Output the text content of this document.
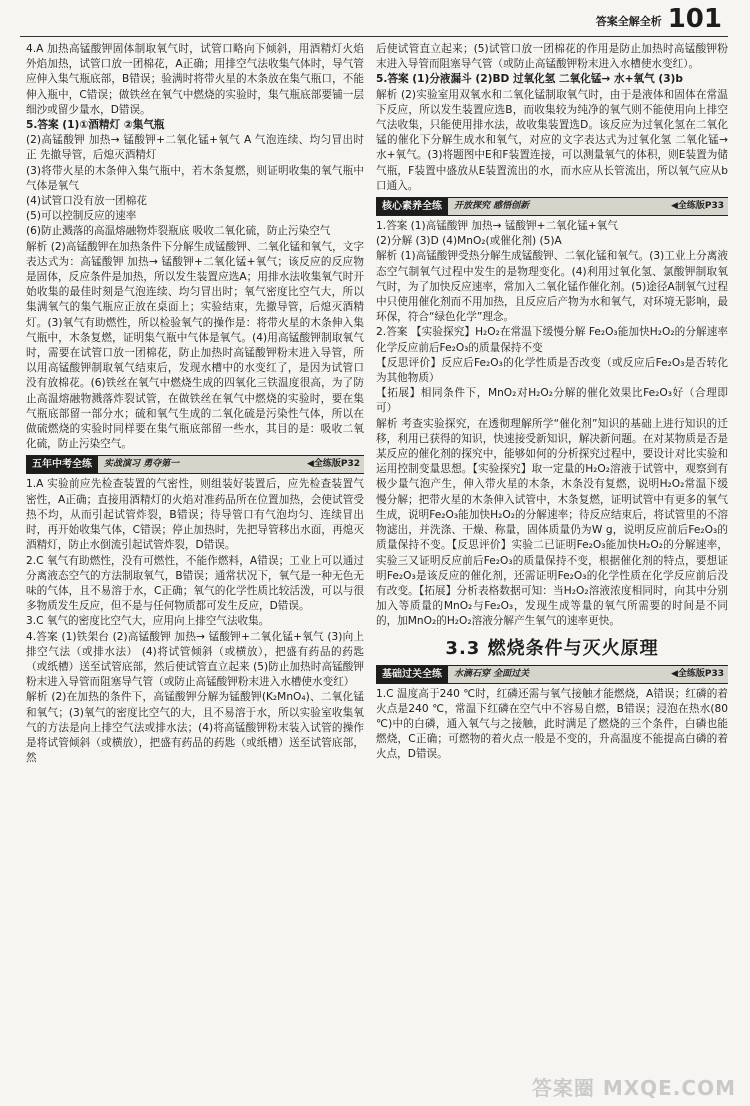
答案全解全析 101

4.A 加热高锰酸钾固体制取氧气时，试管口略向下倾斜，用酒精灯火焰外焰加热，试管口放一团棉花，A正确；用排空气法收集气体时，导气管应伸入集气瓶底部，B错误；验满时将带火星的木条放在集气瓶口，不能伸入瓶中，C错误；做铁丝在氧气中燃烧的实验时，集气瓶底部要铺一层细沙或留少量水，D错误。

5.答案 (1)①酒精灯 ②集气瓶

(2)高锰酸钾 加热→ 锰酸钾+二氧化锰+氧气 A 气泡连续、均匀冒出时 正 先撤导管，后熄灭酒精灯

(3)将带火星的木条伸入集气瓶中，若木条复燃，则证明收集的氧气瓶中气体是氧气

(4)试管口没有放一团棉花

(5)可以控制反应的速率

(6)防止溅落的高温熔融物炸裂瓶底 吸收二氧化硫，防止污染空气

解析 (2)高锰酸钾在加热条件下分解生成锰酸钾、二氧化锰和氧气，文字表达式为：高锰酸钾 加热→ 锰酸钾+二氧化锰+氧气；该反应的反应物是固体，反应条件是加热，所以发生装置应选A；用排水法收集氧气时开始收集的最佳时刻是气泡连续、均匀冒出时；氧气密度比空气大，所以集满氧气的集气瓶应正放在桌面上；实验结束，先撤导管，后熄灭酒精灯。(3)氧气有助燃性，所以检验氧气的操作是：将带火星的木条伸入集气瓶中，木条复燃，证明集气瓶中气体是氧气。(4)用高锰酸钾制取氧气时，需要在试管口放一团棉花，防止加热时高锰酸钾粉末进入导管，所以用高锰酸钾制取氧气结束后，发现水槽中的水变红了，是因为试管口没有放棉花。(6)铁丝在氧气中燃烧生成的四氧化三铁温度很高，为了防止高温熔融物溅落炸裂试管，在做铁丝在氧气中燃烧的实验时，要在集气瓶底部留一部分水；硫和氧气生成的二氧化硫是污染性气体，所以在做硫燃烧的实验时同样要在集气瓶底部留一些水，其目的是：吸收二氧化硫，防止污染空气。

五年中考全练	实战演习 勇夺第一	◀全练版P32

1.A 实验前应先检查装置的气密性，则组装好装置后，应先检查装置气密性，A正确；直接用酒精灯的火焰对准药品所在位置加热，会使试管受热不均，从而引起试管炸裂，B错误；待导管口有气泡均匀、连续冒出时，再开始收集气体，C错误；停止加热时，先把导管移出水面，再熄灭酒精灯，防止水倒流引起试管炸裂，D错误。

2.C 氧气有助燃性，没有可燃性，不能作燃料，A错误；工业上可以通过分离液态空气的方法制取氧气，B错误；通常状况下，氧气是一种无色无味的气体，且不易溶于水，C正确；氧气的化学性质比较活泼，可以与很多物质发生反应，但不是与任何物质都可发生反应，D错误。

3.C 氧气的密度比空气大，应用向上排空气法收集。

4.答案 (1)铁架台 (2)高锰酸钾 加热→ 锰酸钾+二氧化锰+氧气 (3)向上排空气法（或排水法） (4)将试管倾斜（或横放），把盛有药品的药匙（或纸槽）送至试管底部，然后使试管直立起来 (5)防止加热时高锰酸钾粉末进入导管而阻塞导气管（或防止高锰酸钾粉末进入水槽使水变红）

解析 (2)在加热的条件下，高锰酸钾分解为锰酸钾(K₂MnO₄)、二氧化锰和氧气；(3)氧气的密度比空气的大，且不易溶于水，所以实验室收集氧气的方法是向上排空气法或排水法；(4)将高锰酸钾粉末装入试管的操作是将试管倾斜（或横放），把盛有药品的药匙（或纸槽）送至试管底部，然

后使试管直立起来；(5)试管口放一团棉花的作用是防止加热时高锰酸钾粉末进入导管而阻塞导气管（或防止高锰酸钾粉末进入水槽使水变红）。

5.答案 (1)分液漏斗 (2)BD 过氧化氢 二氧化锰→ 水+氧气 (3)b

解析 (2)实验室用双氧水和二氧化锰制取氧气时，由于是液体和固体在常温下反应，所以发生装置应选B，而收集较为纯净的氧气则不能使用向上排空气法收集，只能使用排水法，故收集装置选D。该反应为过氧化氢在二氧化锰的催化下分解生成水和氧气，对应的文字表达式为过氧化氢 二氧化锰→ 水+氧气。(3)将题图中E和F装置连接，可以测量氧气的体积，则E装置为储气瓶，F装置中盛放从E装置流出的水，而水应从长管流出，所以氧气应从b口通入。

核心素养全练	开放探究 感悟创新	◀全练版P33

1.答案 (1)高锰酸钾 加热→ 锰酸钾+二氧化锰+氧气

(2)分解 (3)D (4)MnO₂(或催化剂) (5)A

解析 (1)高锰酸钾受热分解生成锰酸钾、二氧化锰和氧气。(3)工业上分离液态空气制氧气过程中发生的是物理变化。(4)利用过氧化氢、氯酸钾制取氧气时，为了加快反应速率，常加入二氧化锰作催化剂。(5)途径A制氧气过程中只使用催化剂而不用加热，且反应后产物为水和氧气，对环境无影响，最环保，符合“绿色化学”理念。

2.答案 【实验探究】H₂O₂在常温下缓慢分解 Fe₂O₃能加快H₂O₂的分解速率 化学反应前后Fe₂O₃的质量保持不变

【反思评价】反应后Fe₂O₃的化学性质是否改变（或反应后Fe₂O₃是否转化为其他物质）

【拓展】相同条件下，MnO₂对H₂O₂分解的催化效果比Fe₂O₃好（合理即可）

解析 考查实验探究，在透彻理解所学“催化剂”知识的基础上进行知识的迁移，利用已获得的知识，快速接受新知识，解决新问题。在对某物质是否是某反应的催化剂的探究中，能够如何的分析探究过程中，要设计对比实验和运用控制变量思想。【实验探究】取一定量的H₂O₂溶液于试管中，观察到有极少量气泡产生，伸入带火星的木条，木条没有复燃，说明H₂O₂常温下缓慢分解；把带火星的木条伸入试管中，木条复燃，证明试管中有更多的氧气生成，说明Fe₂O₃能加快H₂O₂的分解速率；待反应结束后，将试管里的不溶物滤出，并洗涤、干燥、称量，固体质量仍为W g，说明反应前后Fe₂O₃的质量保持不变。【反思评价】实验二已证明Fe₂O₃能加快H₂O₂的分解速率，实验三又证明反应前后Fe₂O₃的质量保持不变，根据催化剂的特点，要想证明Fe₂O₃是该反应的催化剂，还需证明Fe₂O₃的化学性质在化学反应前后没有改变。【拓展】分析表格数据可知：当H₂O₂溶液浓度相同时，向其中分别加入等质量的MnO₂与Fe₂O₃，发现生成等量的氧气所需要的时间是不同的，加MnO₂的H₂O₂溶液分解产生氧气的速率更快。

3.3 燃烧条件与灭火原理
基础过关全练	水滴石穿 全面过关	◀全练版P33

1.C 温度高于240 ℃时，红磷还需与氧气接触才能燃烧，A错误；红磷的着火点是240 ℃，常温下红磷在空气中不容易自燃，B错误；浸泡在热水(80 ℃)中的白磷，通入氧气与之接触，此时满足了燃烧的三个条件，白磷也能燃烧，C正确；可燃物的着火点一般是不变的，升高温度不能提高白磷的着火点，D错误。

答案圈 MXQE.COM
